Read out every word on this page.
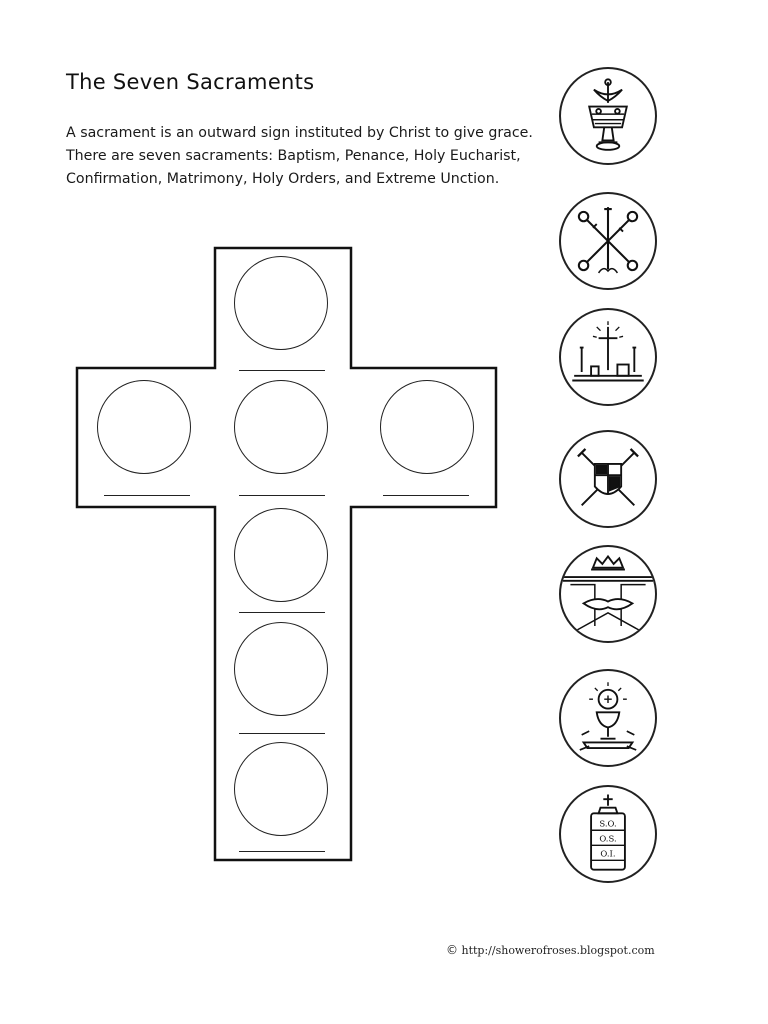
The Seven Sacraments
A sacrament is an outward sign instituted by Christ to give grace.
There are seven sacraments: Baptism, Penance, Holy Eucharist,
Confirmation, Matrimony, Holy Orders, and Extreme Unction.
S.O.
O.S.
O.I.
© http://showerofroses.blogspot.com
